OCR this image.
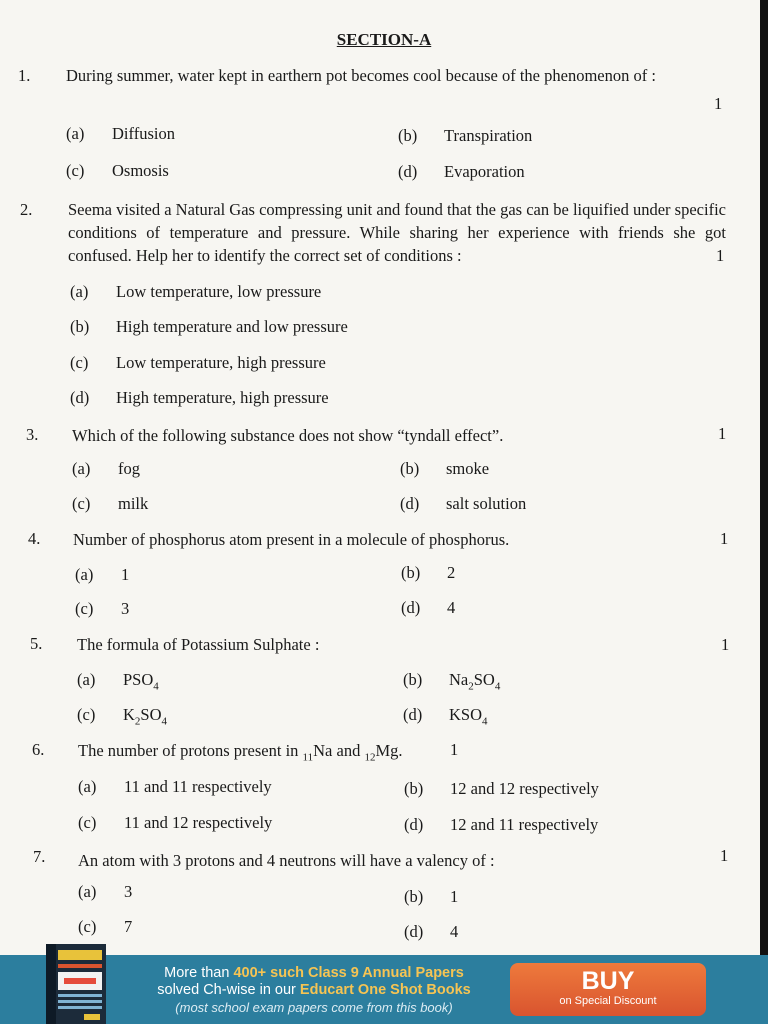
SECTION-A
1. During summer, water kept in earthern pot becomes cool because of the phenomenon of :
1
(a) Diffusion	(b) Transpiration
(c) Osmosis	(d) Evaporation
2. Seema visited a Natural Gas compressing unit and found that the gas can be liquified under specific conditions of temperature and pressure. While sharing her experience with friends she got confused. Help her to identify the correct set of conditions :	1
(a) Low temperature, low pressure
(b) High temperature and low pressure
(c) Low temperature, high pressure
(d) High temperature, high pressure
3. Which of the following substance does not show “tyndall effect”.	1
(a) fog	(b) smoke
(c) milk	(d) salt solution
4. Number of phosphorus atom present in a molecule of phosphorus.	1
(a) 1	(b) 2
(c) 3	(d) 4
5. The formula of Potassium Sulphate :	1
(a) $PSO_4$	(b) $Na_2SO_4$
(c) $K_2SO_4$	(d) $KSO_4$
6. The number of protons present in $_{11}$Na and $_{12}$Mg.	1
(a) 11 and 11 respectively	(b) 12 and 12 respectively
(c) 11 and 12 respectively	(d) 12 and 11 respectively
7. An atom with 3 protons and 4 neutrons will have a valency of :	1
(a) 3	(b) 1
(c) 7	(d) 4
More than 400+ such Class 9 Annual Papers
solved Ch-wise in our Educart One Shot Books
(most school exam papers come from this book)
BUY
on Special Discount
